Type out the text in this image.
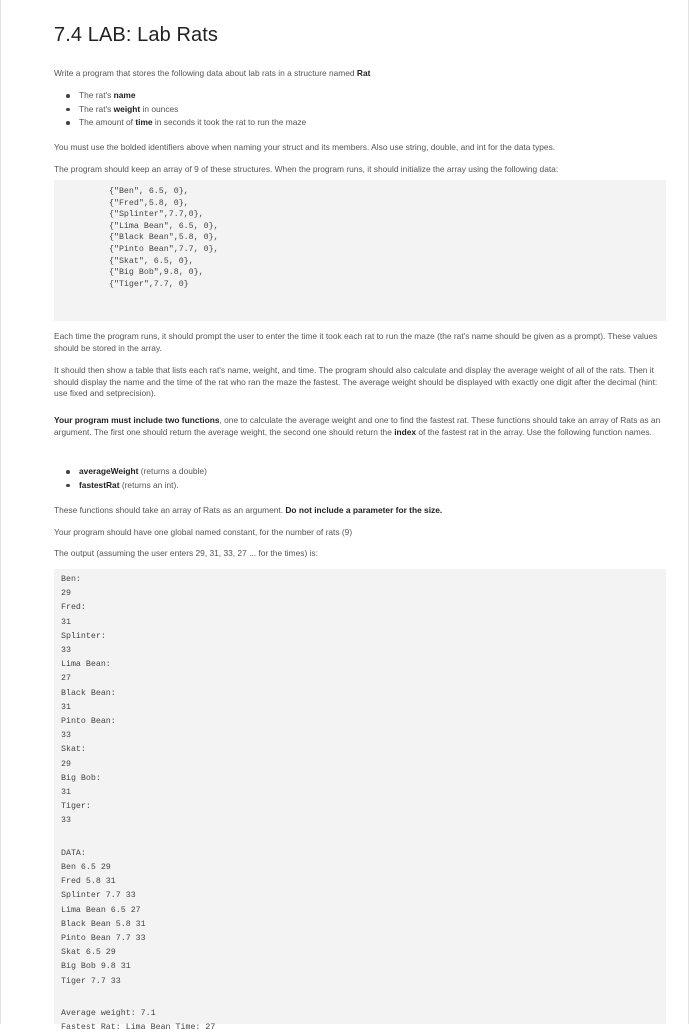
7.4 LAB: Lab Rats

Write a program that stores the following data about lab rats in a structure named Rat

The rat's name
The rat's weight in ounces
The amount of time in seconds it took the rat to run the maze

You must use the bolded identifiers above when naming your struct and its members. Also use string, double, and int for the data types.

The program should keep an array of 9 of these structures. When the program runs, it should initialize the array using the following data:

{"Ben", 6.5, 0},
{"Fred",5.8, 0},
{"Splinter",7.7,0},
{"Lima Bean", 6.5, 0},
{"Black Bean",5.8, 0},
{"Pinto Bean",7.7, 0},
{"Skat", 6.5, 0},
{"Big Bob",9.8, 0},
{"Tiger",7.7, 0}

Each time the program runs, it should prompt the user to enter the time it took each rat to run the maze (the rat's name should be given as a prompt). These values should be stored in the array.

It should then show a table that lists each rat's name, weight, and time. The program should also calculate and display the average weight of all of the rats. Then it should display the name and the time of the rat who ran the maze the fastest. The average weight should be displayed with exactly one digit after the decimal (hint: use fixed and setprecision).

Your program must include two functions, one to calculate the average weight and one to find the fastest rat. These functions should take an array of Rats as an argument. The first one should return the average weight, the second one should return the index of the fastest rat in the array. Use the following function names.

averageWeight (returns a double)
fastestRat (returns an int).

These functions should take an array of Rats as an argument. Do not include a parameter for the size.

Your program should have one global named constant, for the number of rats (9)

The output (assuming the user enters 29, 31, 33, 27 ... for the times) is:

Ben:
29
Fred:
31
Splinter:
33
Lima Bean:
27
Black Bean:
31
Pinto Bean:
33
Skat:
29
Big Bob:
31
Tiger:
33

DATA:
Ben 6.5 29
Fred 5.8 31
Splinter 7.7 33
Lima Bean 6.5 27
Black Bean 5.8 31
Pinto Bean 7.7 33
Skat 6.5 29
Big Bob 9.8 31
Tiger 7.7 33

Average weight: 7.1
Fastest Rat: Lima Bean Time: 27
